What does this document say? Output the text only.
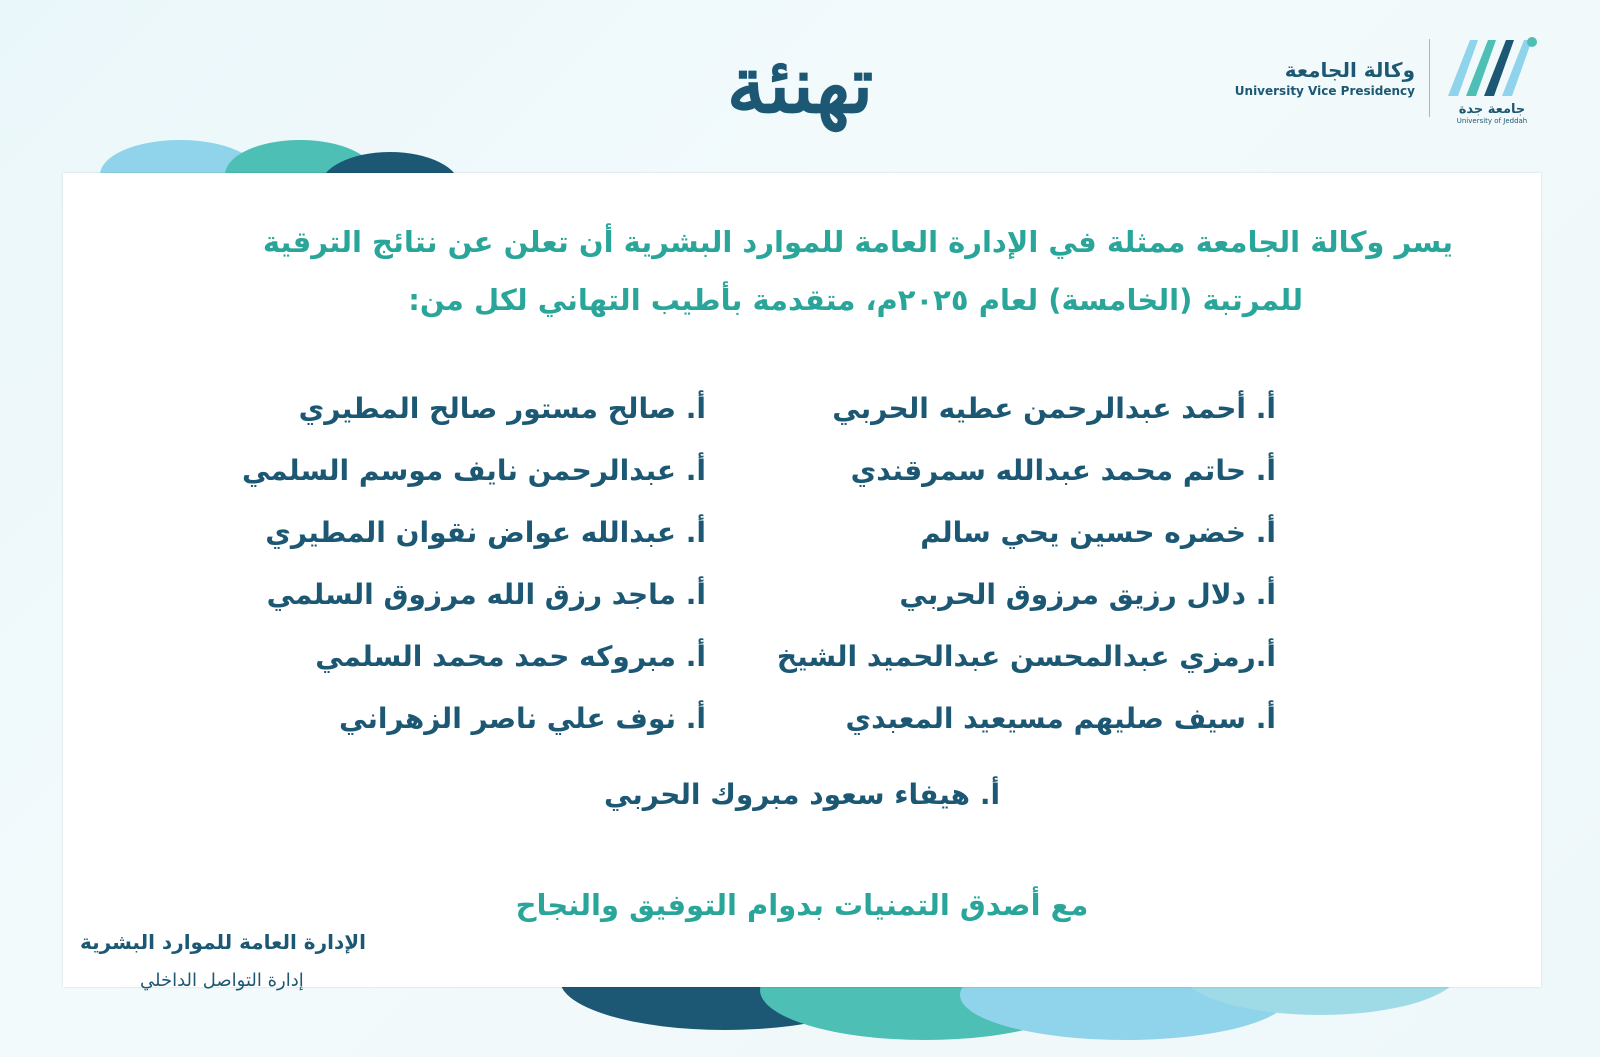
تهنئة	وكالة الجامعة
University Vice Presidency
جامعة جدة
University of Jeddah
يسر وكالة الجامعة ممثلة في الإدارة العامة للموارد البشرية أن تعلن عن نتائج الترقية
للمرتبة (الخامسة) لعام ٢٠٢٥م، متقدمة بأطيب التهاني لكل من:
أ. أحمد عبدالرحمن عطيه الحربي
أ. حاتم محمد عبدالله سمرقندي
أ. خضره حسين يحي سالم
أ. دلال رزيق مرزوق الحربي
أ.رمزي عبدالمحسن عبدالحميد الشيخ
أ. سيف صليهم مسيعيد المعبدي
أ. صالح مستور صالح المطيري
أ. عبدالرحمن نايف موسم السلمي
أ. عبدالله عواض نقوان المطيري
أ. ماجد رزق الله مرزوق السلمي
أ. مبروكه حمد محمد السلمي
أ. نوف علي ناصر الزهراني
أ. هيفاء سعود مبروك الحربي
مع أصدق التمنيات بدوام التوفيق والنجاح
الإدارة العامة للموارد البشرية
إدارة التواصل الداخلي
